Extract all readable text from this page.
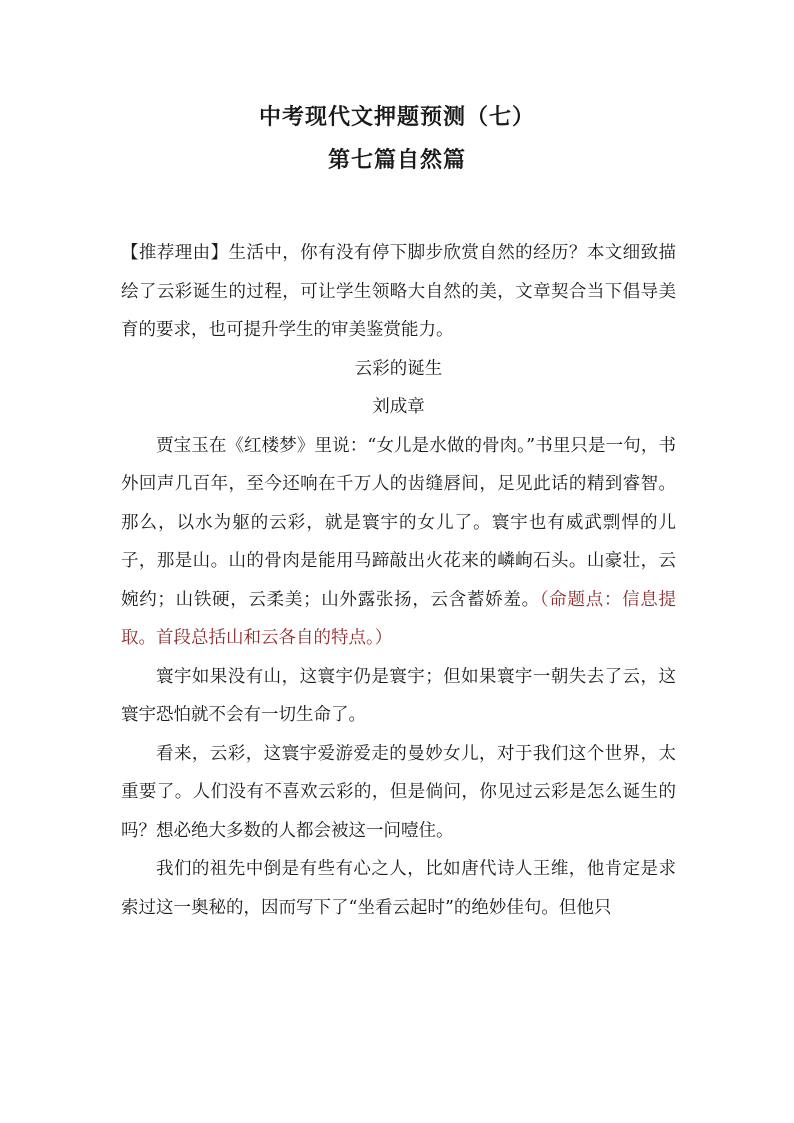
中考现代文押题预测（七）
第七篇自然篇

【推荐理由】生活中，你有没有停下脚步欣赏自然的经历？本文细致描绘了云彩诞生的过程，可让学生领略大自然的美，文章契合当下倡导美育的要求，也可提升学生的审美鉴赏能力。

云彩的诞生

刘成章

贾宝玉在《红楼梦》里说：“女儿是水做的骨肉。”书里只是一句，书外回声几百年，至今还响在千万人的齿缝唇间，足见此话的精到睿智。那么，以水为躯的云彩，就是寰宇的女儿了。寰宇也有威武剽悍的儿子，那是山。山的骨肉是能用马蹄敲出火花来的嶙峋石头。山豪壮，云婉约；山铁硬，云柔美；山外露张扬，云含蓄娇羞。（命题点：信息提取。首段总括山和云各自的特点。）

寰宇如果没有山，这寰宇仍是寰宇；但如果寰宇一朝失去了云，这寰宇恐怕就不会有一切生命了。

看来，云彩，这寰宇爱游爱走的曼妙女儿，对于我们这个世界，太重要了。人们没有不喜欢云彩的，但是倘问，你见过云彩是怎么诞生的吗？想必绝大多数的人都会被这一问噎住。

我们的祖先中倒是有些有心之人，比如唐代诗人王维，他肯定是求索过这一奥秘的，因而写下了“坐看云起时”的绝妙佳句。但他只
